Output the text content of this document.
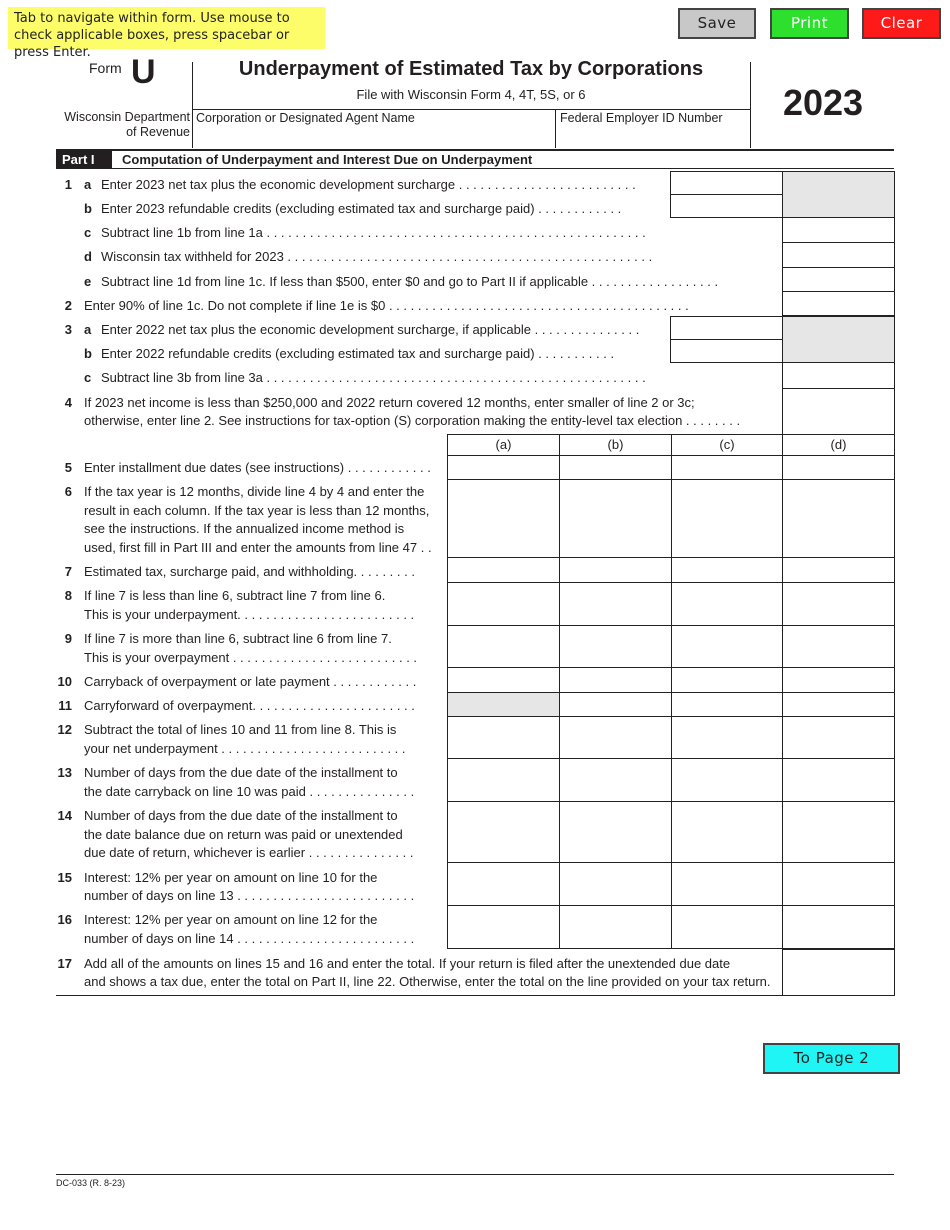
Tab to navigate within form. Use mouse to check applicable boxes, press spacebar or press Enter.
Save	Print	Clear
Form U
Wisconsin Department
of Revenue
Underpayment of Estimated Tax by Corporations
File with Wisconsin Form 4, 4T, 5S, or 6	2023
Corporation or Designated Agent Name	Federal Employer ID Number
Part I	Computation of Underpayment and Interest Due on Underpayment
1 a Enter 2023 net tax plus the economic development surcharge . . . . . . . . . . . . . . . . . . . . . . . . .
b Enter 2023 refundable credits (excluding estimated tax and surcharge paid) . . . . . . . . . . . .
c Subtract line 1b from line 1a . . . . . . . . . . . . . . . . . . . . . . . . . . . . . . . . . . . . . . . . . . . . . . . . . . . . .
d Wisconsin tax withheld for 2023 . . . . . . . . . . . . . . . . . . . . . . . . . . . . . . . . . . . . . . . . . . . . . . . . . . .
e Subtract line 1d from line 1c. If less than $500, enter $0 and go to Part II if applicable . . . . . . . . . . . . . . . . . .
2 Enter 90% of line 1c. Do not complete if line 1e is $0 . . . . . . . . . . . . . . . . . . . . . . . . . . . . . . . . . . . . . . . . . .
3 a Enter 2022 net tax plus the economic development surcharge, if applicable . . . . . . . . . . . . . . .
b Enter 2022 refundable credits (excluding estimated tax and surcharge paid) . . . . . . . . . . .
c Subtract line 3b from line 3a . . . . . . . . . . . . . . . . . . . . . . . . . . . . . . . . . . . . . . . . . . . . . . . . . . . . .
4 If 2023 net income is less than $250,000 and 2022 return covered 12 months, enter smaller of line 2 or 3c;
otherwise, enter line 2. See instructions for tax-option (S) corporation making the entity-level tax election . . . . . . . .
(a)	(b)	(c)	(d)
5 Enter installment due dates (see instructions) . . . . . . . . . . . .
6 If the tax year is 12 months, divide line 4 by 4 and enter the
result in each column. If the tax year is less than 12 months,
see the instructions. If the annualized income method is
used, first fill in Part III and enter the amounts from line 47 . .
7 Estimated tax, surcharge paid, and withholding. . . . . . . . .
8 If line 7 is less than line 6, subtract line 7 from line 6.
This is your underpayment. . . . . . . . . . . . . . . . . . . . . . . . .
9 If line 7 is more than line 6, subtract line 6 from line 7.
This is your overpayment . . . . . . . . . . . . . . . . . . . . . . . . . .
10 Carryback of overpayment or late payment . . . . . . . . . . . .
11 Carryforward of overpayment. . . . . . . . . . . . . . . . . . . . . . .
12 Subtract the total of lines 10 and 11 from line 8. This is
your net underpayment . . . . . . . . . . . . . . . . . . . . . . . . . .
13 Number of days from the due date of the installment to
the date carryback on line 10 was paid . . . . . . . . . . . . . . .
14 Number of days from the due date of the installment to
the date balance due on return was paid or unextended
due date of return, whichever is earlier . . . . . . . . . . . . . . .
15 Interest: 12% per year on amount on line 10 for the
number of days on line 13 . . . . . . . . . . . . . . . . . . . . . . . . .
16 Interest: 12% per year on amount on line 12 for the
number of days on line 14 . . . . . . . . . . . . . . . . . . . . . . . . .
17 Add all of the amounts on lines 15 and 16 and enter the total. If your return is filed after the unextended due date
and shows a tax due, enter the total on Part II, line 22. Otherwise, enter the total on the line provided on your tax return.
To Page 2
DC-033 (R. 8-23)
